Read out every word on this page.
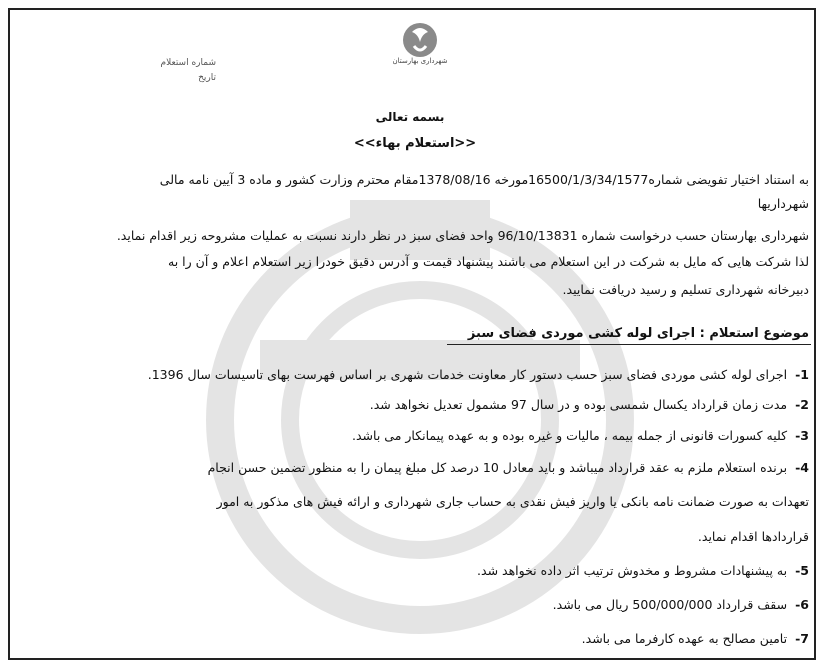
شهرداری بهارستان
شماره استعلام
تاریخ
بسمه تعالی
<<استعلام بهاء>>
به استناد اختیار تفویضی شماره16500/1/3/34/1577مورخه 1378/08/16مقام محترم وزارت کشور و ماده 3 آیین نامه مالی
شهرداریها
شهرداری بهارستان حسب درخواست شماره 96/10/13831 واحد فضای سبز در نظر دارند نسبت به عملیات مشروحه زیر اقدام نماید.
لذا شرکت هایی که مایل به شرکت در این استعلام می باشند پیشنهاد قیمت و آدرس دقیق خودرا زیر استعلام اعلام و آن را به
دبیرخانه شهرداری تسلیم و رسید دریافت نمایید.
موضوع استعلام : اجرای لوله کشی موردی فضای سبز
1-اجرای لوله کشی موردی فضای سبز حسب دستور کار معاونت خدمات شهری بر اساس فهرست بهای تاسیسات سال 1396.
2-مدت زمان قرارداد یکسال شمسی بوده و در سال 97 مشمول تعدیل نخواهد شد.
3-کلیه کسورات قانونی از جمله بیمه ، مالیات و غیره بوده و به عهده پیمانکار می باشد.
4-برنده استعلام ملزم به عقد قرارداد میباشد و باید معادل 10 درصد کل مبلغ پیمان را به منظور تضمین حسن انجام
تعهدات به صورت ضمانت نامه بانکی یا واریز فیش نقدی به حساب جاری شهرداری و ارائه فیش های مذکور به امور
قراردادها اقدام نماید.
5-به پیشنهادات مشروط و مخدوش ترتیب اثر داده نخواهد شد.
6-سقف قرارداد 500/000/000 ریال می باشد.
7-تامین مصالح به عهده کارفرما می باشد.
